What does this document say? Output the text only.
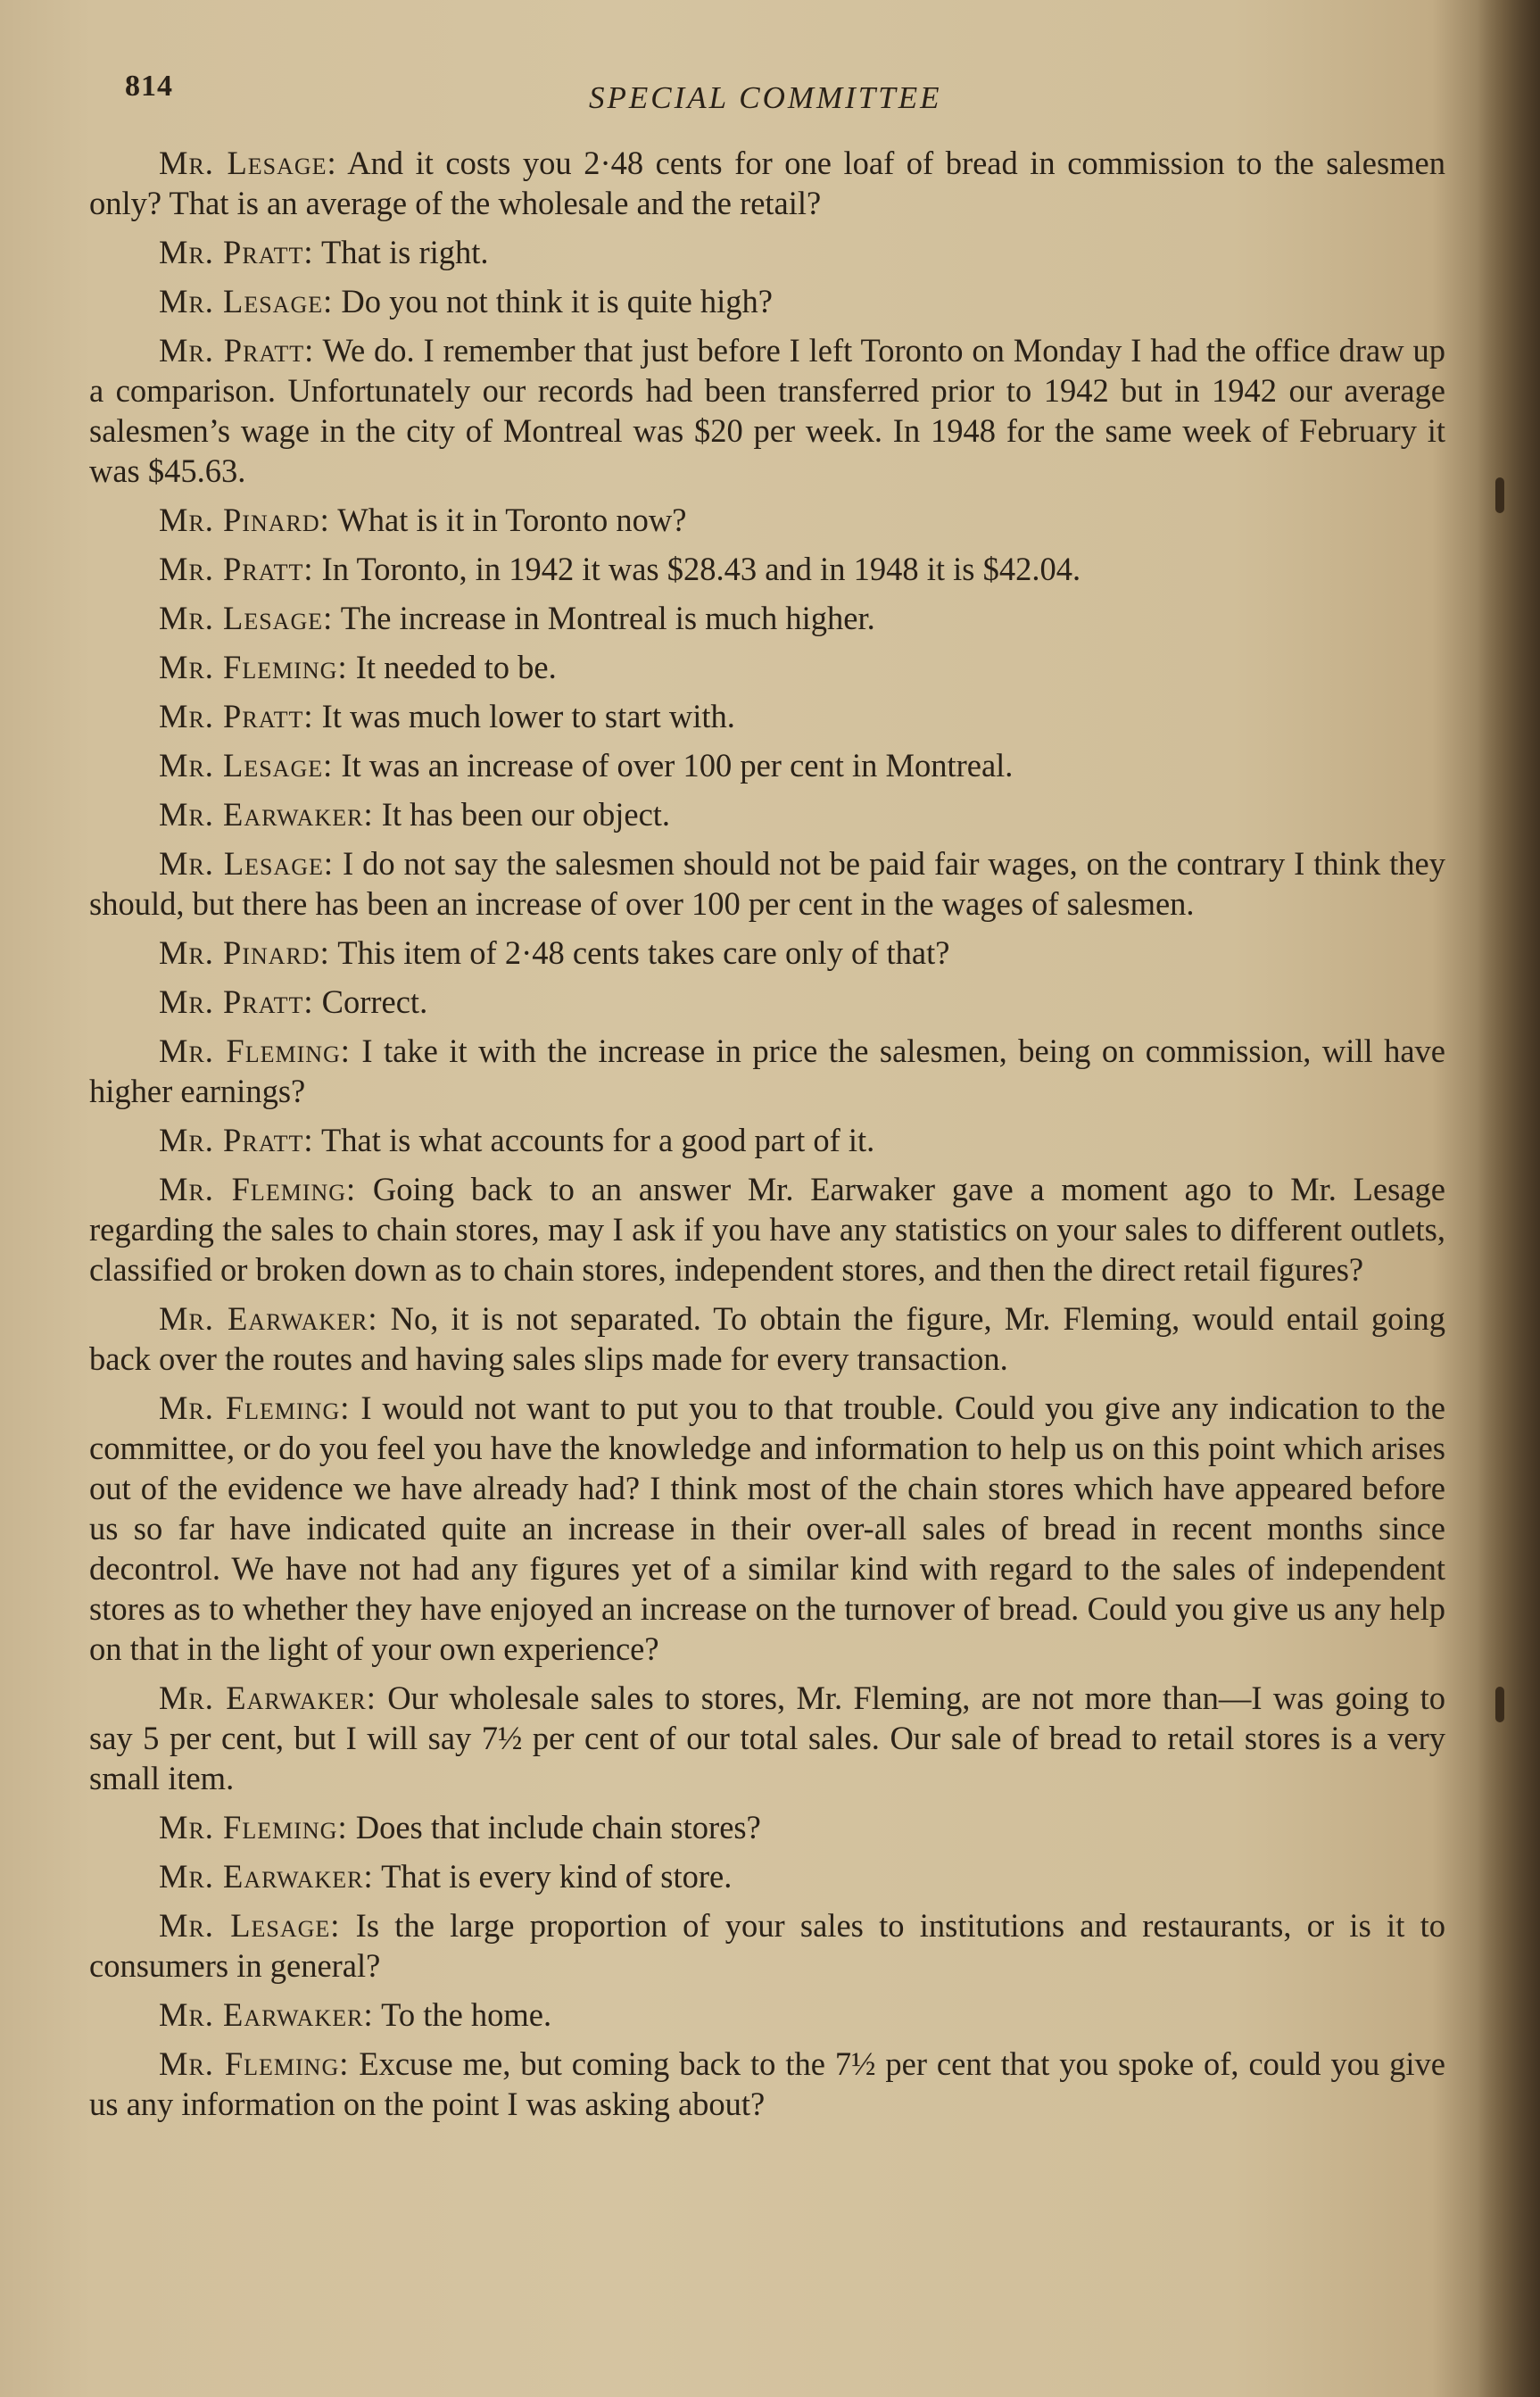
814	SPECIAL COMMITTEE

Mr. Lesage: And it costs you 2·48 cents for one loaf of bread in commission to the salesmen only? That is an average of the wholesale and the retail?

Mr. Pratt: That is right.

Mr. Lesage: Do you not think it is quite high?

Mr. Pratt: We do. I remember that just before I left Toronto on Monday I had the office draw up a comparison. Unfortunately our records had been transferred prior to 1942 but in 1942 our average salesmen’s wage in the city of Montreal was $20 per week. In 1948 for the same week of February it was $45.63.

Mr. Pinard: What is it in Toronto now?

Mr. Pratt: In Toronto, in 1942 it was $28.43 and in 1948 it is $42.04.

Mr. Lesage: The increase in Montreal is much higher.

Mr. Fleming: It needed to be.

Mr. Pratt: It was much lower to start with.

Mr. Lesage: It was an increase of over 100 per cent in Montreal.

Mr. Earwaker: It has been our object.

Mr. Lesage: I do not say the salesmen should not be paid fair wages, on the contrary I think they should, but there has been an increase of over 100 per cent in the wages of salesmen.

Mr. Pinard: This item of 2·48 cents takes care only of that?

Mr. Pratt: Correct.

Mr. Fleming: I take it with the increase in price the salesmen, being on commission, will have higher earnings?

Mr. Pratt: That is what accounts for a good part of it.

Mr. Fleming: Going back to an answer Mr. Earwaker gave a moment ago to Mr. Lesage regarding the sales to chain stores, may I ask if you have any statistics on your sales to different outlets, classified or broken down as to chain stores, independent stores, and then the direct retail figures?

Mr. Earwaker: No, it is not separated. To obtain the figure, Mr. Fleming, would entail going back over the routes and having sales slips made for every transaction.

Mr. Fleming: I would not want to put you to that trouble. Could you give any indication to the committee, or do you feel you have the knowledge and information to help us on this point which arises out of the evidence we have already had? I think most of the chain stores which have appeared before us so far have indicated quite an increase in their over-all sales of bread in recent months since decontrol. We have not had any figures yet of a similar kind with regard to the sales of independent stores as to whether they have enjoyed an increase on the turnover of bread. Could you give us any help on that in the light of your own experience?

Mr. Earwaker: Our wholesale sales to stores, Mr. Fleming, are not more than—I was going to say 5 per cent, but I will say 7½ per cent of our total sales. Our sale of bread to retail stores is a very small item.

Mr. Fleming: Does that include chain stores?

Mr. Earwaker: That is every kind of store.

Mr. Lesage: Is the large proportion of your sales to institutions and restaurants, or is it to consumers in general?

Mr. Earwaker: To the home.

Mr. Fleming: Excuse me, but coming back to the 7½ per cent that you spoke of, could you give us any information on the point I was asking about?
